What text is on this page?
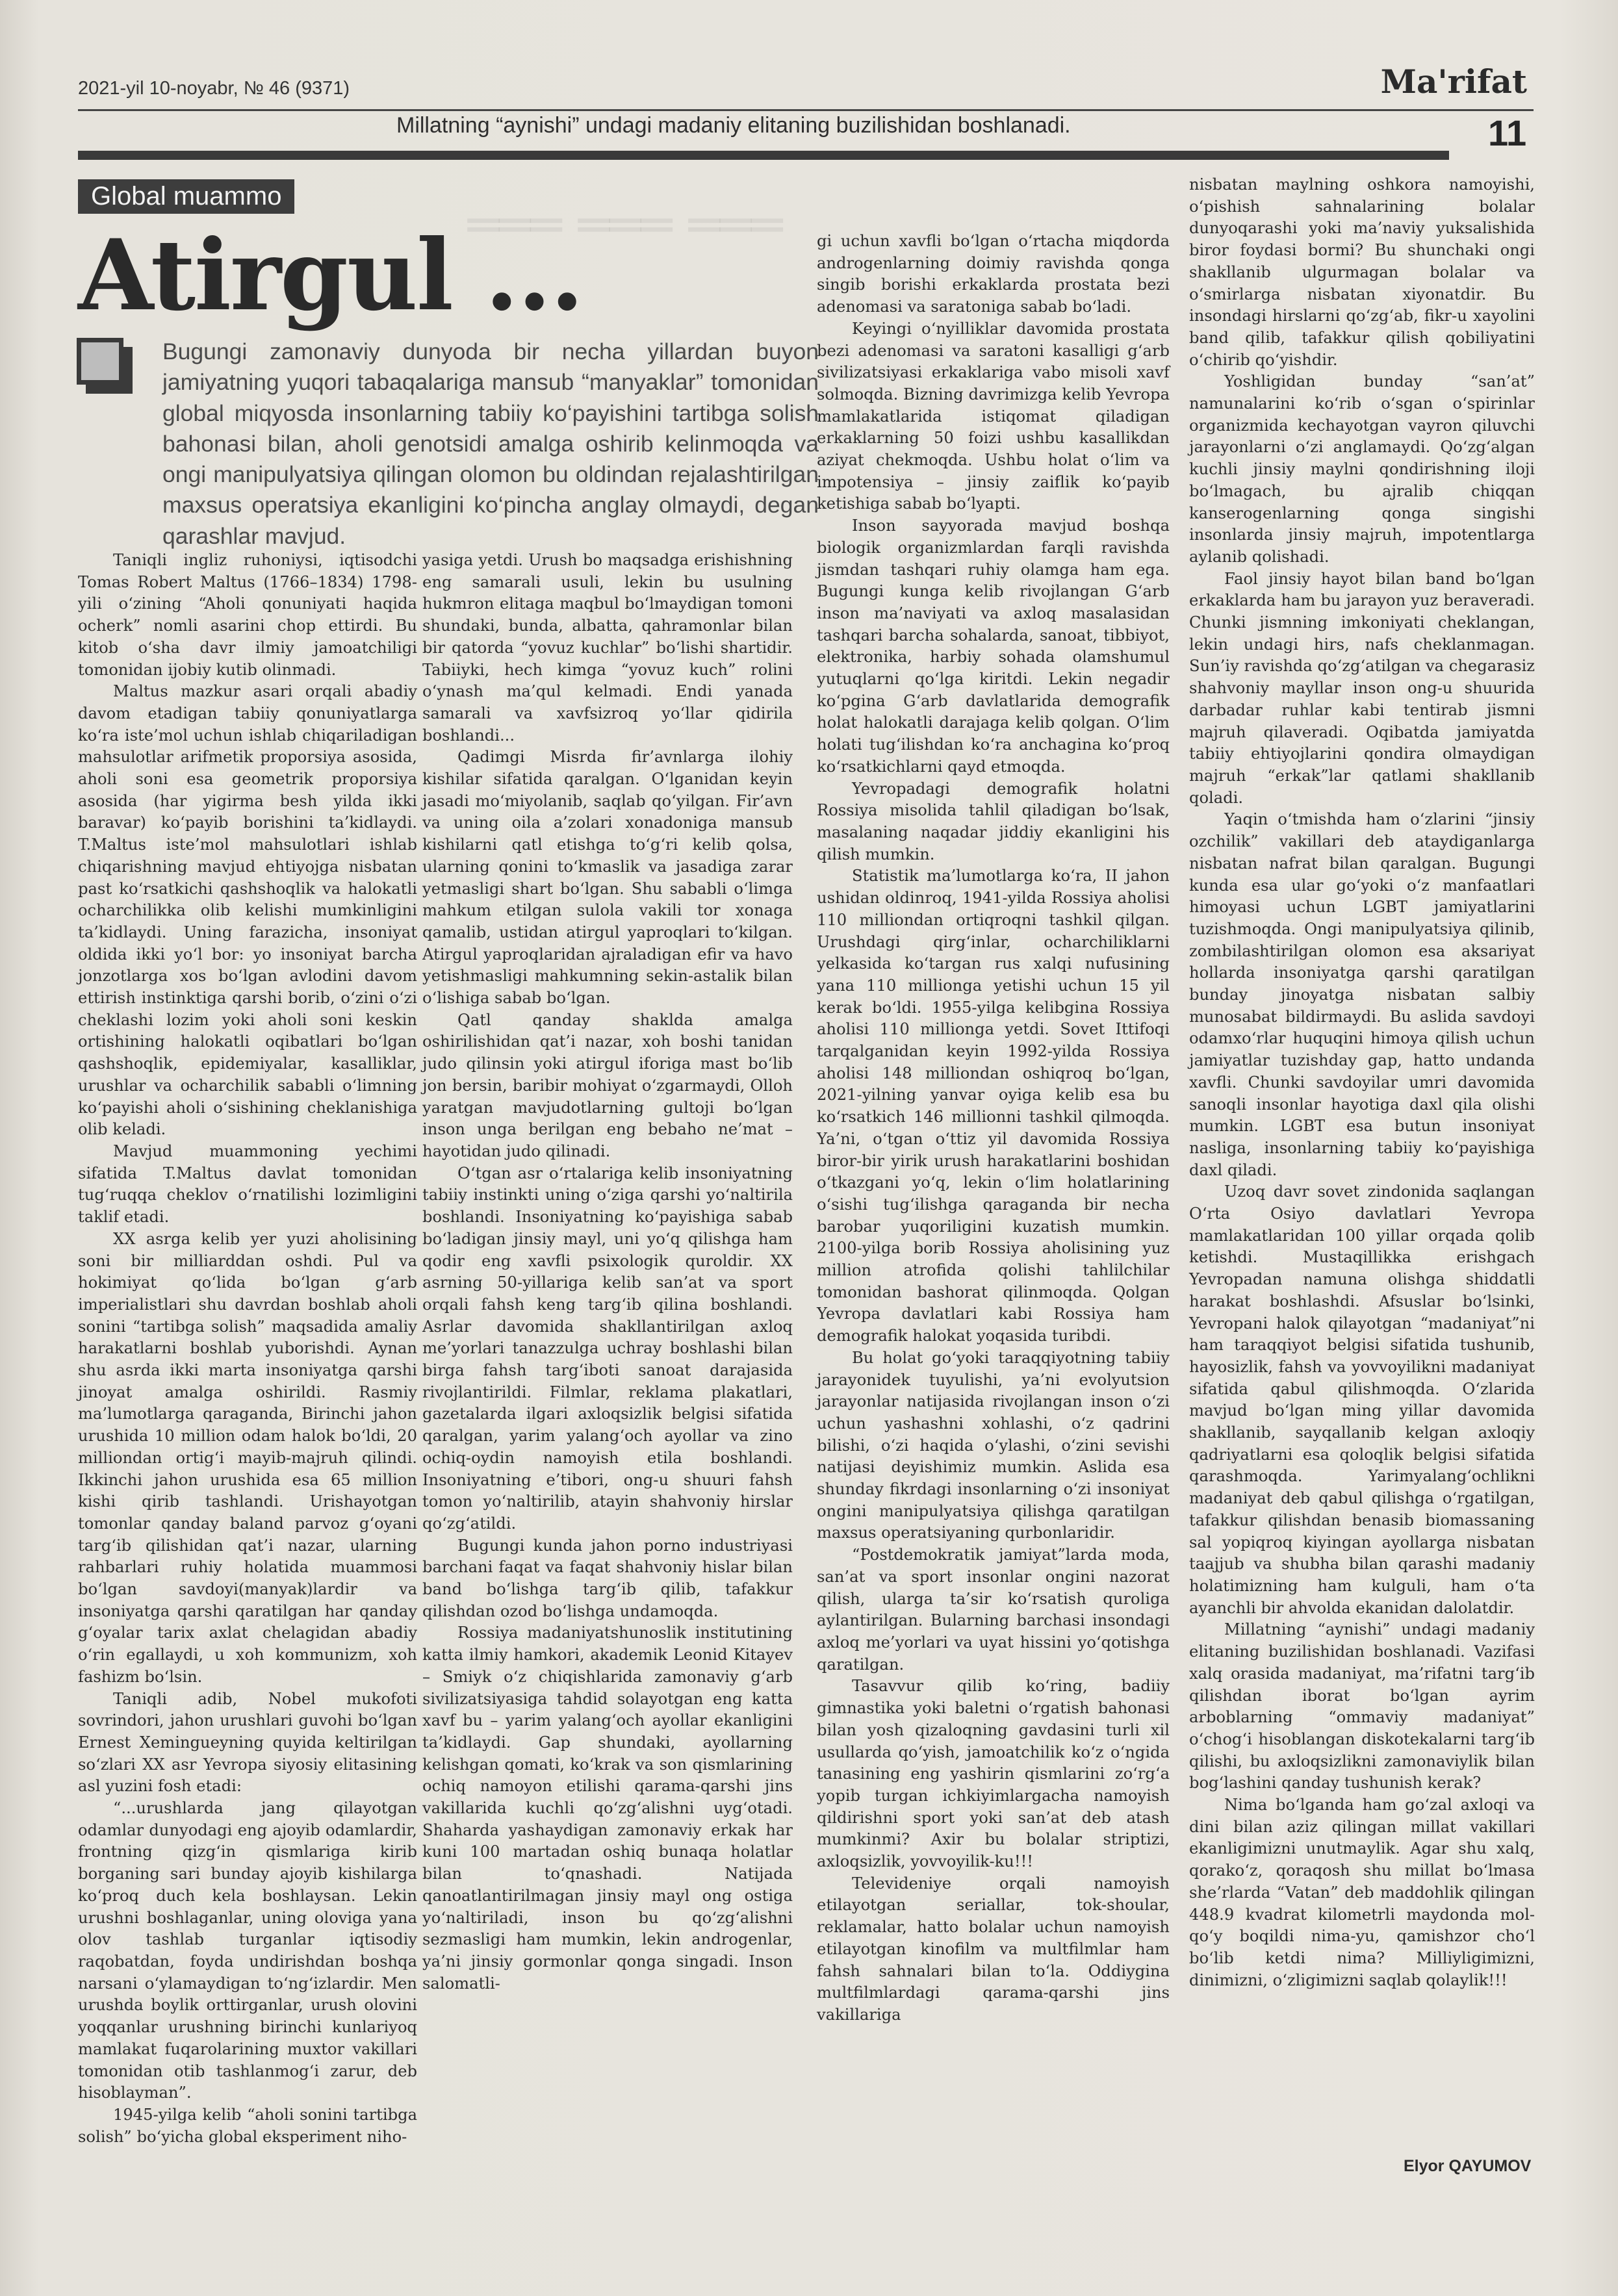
═══ ═══ ═══
2021-yil 10-noyabr, № 46 (9371)	Ma'rifat
Millatning “aynishi” undagi madaniy elitaning buzilishidan boshlanadi.	11
Global muammo
Atirgul ...
Bugungi zamonaviy dunyoda bir necha yillardan buyon jamiyatning yuqori tabaqalariga mansub “manyaklar” tomonidan global miqyosda insonlarning tabiiy ko‘payishini tartibga solish bahonasi bilan, aholi genotsidi amalga oshirib kelinmoqda va ongi manipulyatsiya qilingan olomon bu oldindan rejalashtirilgan maxsus operatsiya ekanligini ko‘pincha anglay olmaydi, degan qarashlar mavjud.

Taniqli ingliz ruhoniysi, iqtisodchi Tomas Robert Maltus (1766–1834) 1798-yili o‘zining “Aholi qonuniyati haqida ocherk” nomli asarini chop ettirdi. Bu kitob o‘sha davr ilmiy jamoatchiligi tomonidan ijobiy kutib olinmadi.

Maltus mazkur asari orqali abadiy davom etadigan tabiiy qonuniyatlarga ko‘ra iste’mol uchun ishlab chiqariladigan mahsulotlar arifmetik proporsiya asosida, aholi soni esa geometrik proporsiya asosida (har yigirma besh yilda ikki baravar) ko‘payib borishini ta’kidlaydi. T.Maltus iste’mol mahsulotlari ishlab chiqarishning mavjud ehtiyojga nisbatan past ko‘rsatkichi qashshoqlik va halokatli ocharchilikka olib kelishi mumkinligini ta’kidlaydi. Uning farazicha, insoniyat oldida ikki yo‘l bor: yo insoniyat barcha jonzotlarga xos bo‘lgan avlodini davom ettirish instinktiga qarshi borib, o‘zini o‘zi cheklashi lozim yoki aholi soni keskin ortishining halokatli oqibatlari bo‘lgan qashshoqlik, epidemiyalar, kasalliklar, urushlar va ocharchilik sababli o‘limning ko‘payishi aholi o‘sishining cheklanishiga olib keladi.

Mavjud muammoning yechimi sifatida T.Maltus davlat tomonidan tug‘ruqqa cheklov o‘rnatilishi lozimligini taklif etadi.

XX asrga kelib yer yuzi aholisining soni bir milliarddan oshdi. Pul va hokimiyat qo‘lida bo‘lgan g‘arb imperialistlari shu davrdan boshlab aholi sonini “tartibga solish” maqsadida amaliy harakatlarni boshlab yuborishdi. Aynan shu asrda ikki marta insoniyatga qarshi jinoyat amalga oshirildi. Rasmiy ma’lumotlarga qaraganda, Birinchi jahon urushida 10 million odam halok bo‘ldi, 20 milliondan ortig‘i mayib-majruh qilindi. Ikkinchi jahon urushida esa 65 million kishi qirib tashlandi. Urishayotgan tomonlar qanday baland parvoz g‘oyani targ‘ib qilishidan qat’i nazar, ularning rahbarlari ruhiy holatida muammosi bo‘lgan savdoyi(manyak)lardir va insoniyatga qarshi qaratilgan har qanday g‘oyalar tarix axlat chelagidan abadiy o‘rin egallaydi, u xoh kommunizm, xoh fashizm bo‘lsin.

Taniqli adib, Nobel mukofoti sovrindori, jahon urushlari guvohi bo‘lgan Ernest Xemingueyning quyida keltirilgan so‘zlari XX asr Yevropa siyosiy elitasining asl yuzini fosh etadi:

“...urushlarda jang qilayotgan odamlar dunyodagi eng ajoyib odamlardir, frontning qizg‘in qismlariga kirib borganing sari bunday ajoyib kishilarga ko‘proq duch kela boshlaysan. Lekin urushni boshlaganlar, uning oloviga yana olov tashlab turganlar iqtisodiy raqobatdan, foyda undirishdan boshqa narsani o‘ylamaydigan to‘ng‘izlardir. Men urushda boylik orttirganlar, urush olovini yoqqanlar urushning birinchi kunlariyoq mamlakat fuqarolarining muxtor vakillari tomonidan otib tashlanmog‘i zarur, deb hisoblayman”.

1945-yilga kelib “aholi sonini tartibga solish” bo‘yicha global eksperiment niho-

yasiga yetdi. Urush bo maqsadga erishishning eng samarali usuli, lekin bu usulning hukmron elitaga maqbul bo‘lmaydigan tomoni shundaki, bunda, albatta, qahramonlar bilan bir qatorda “yovuz kuchlar” bo‘lishi shartidir. Tabiiyki, hech kimga “yovuz kuch” rolini o‘ynash ma’qul kelmadi. Endi yanada samarali va xavfsizroq yo‘llar qidirila boshlandi...

Qadimgi Misrda fir’avnlarga ilohiy kishilar sifatida qaralgan. O‘lganidan keyin jasadi mo‘miyolanib, saqlab qo‘yilgan. Fir’avn va uning oila a’zolari xonadoniga mansub kishilarni qatl etishga to‘g‘ri kelib qolsa, ularning qonini to‘kmaslik va jasadiga zarar yetmasligi shart bo‘lgan. Shu sababli o‘limga mahkum etilgan sulola vakili tor xonaga qamalib, ustidan atirgul yaproqlari to‘kilgan. Atirgul yaproqlaridan ajraladigan efir va havo yetishmasligi mahkumning sekin-astalik bilan o‘lishiga sabab bo‘lgan.

Qatl qanday shaklda amalga oshirilishidan qat’i nazar, xoh boshi tanidan judo qilinsin yoki atirgul iforiga mast bo‘lib jon bersin, baribir mohiyat o‘zgarmaydi, Olloh yaratgan mavjudotlarning gultoji bo‘lgan inson unga berilgan eng bebaho ne’mat – hayotidan judo qilinadi.

O‘tgan asr o‘rtalariga kelib insoniyatning tabiiy instinkti uning o‘ziga qarshi yo‘naltirila boshlandi. Insoniyatning ko‘payishiga sabab bo‘ladigan jinsiy mayl, uni yo‘q qilishga ham qodir eng xavfli psixologik quroldir. XX asrning 50-yillariga kelib san’at va sport orqali fahsh keng targ‘ib qilina boshlandi. Asrlar davomida shakllantirilgan axloq me’yorlari tanazzulga uchray boshlashi bilan birga fahsh targ‘iboti sanoat darajasida rivojlantirildi. Filmlar, reklama plakatlari, gazetalarda ilgari axloqsizlik belgisi sifatida qaralgan, yarim yalang‘och ayollar va zino ochiq-oydin namoyish etila boshlandi. Insoniyatning e’tibori, ong-u shuuri fahsh tomon yo‘naltirilib, atayin shahvoniy hirslar qo‘zg‘atildi.

Bugungi kunda jahon porno industriyasi barchani faqat va faqat shahvoniy hislar bilan band bo‘lishga targ‘ib qilib, tafakkur qilishdan ozod bo‘lishga undamoqda.

Rossiya madaniyatshunoslik institutining katta ilmiy hamkori, akademik Leonid Kitayev – Smiyk o‘z chiqishlarida zamonaviy g‘arb sivilizatsiyasiga tahdid solayotgan eng katta xavf bu – yarim yalang‘och ayollar ekanligini ta’kidlaydi. Gap shundaki, ayollarning kelishgan qomati, ko‘krak va son qismlarining ochiq namoyon etilishi qarama-qarshi jins vakillarida kuchli qo‘zg‘alishni uyg‘otadi. Shaharda yashaydigan zamonaviy erkak har kuni 100 martadan oshiq bunaqa holatlar bilan to‘qnashadi. Natijada qanoatlantirilmagan jinsiy mayl ong ostiga yo‘naltiriladi, inson bu qo‘zg‘alishni sezmasligi ham mumkin, lekin androgenlar, ya’ni jinsiy gormonlar qonga singadi. Inson salomatli-

gi uchun xavfli bo‘lgan o‘rtacha miqdorda androgenlarning doimiy ravishda qonga singib borishi erkaklarda prostata bezi adenomasi va saratoniga sabab bo‘ladi.

Keyingi o‘nyilliklar davomida prostata bezi adenomasi va saratoni kasalligi g‘arb sivilizatsiyasi erkaklariga vabo misoli xavf solmoqda. Bizning davrimizga kelib Yevropa mamlakatlarida istiqomat qiladigan erkaklarning 50 foizi ushbu kasallikdan aziyat chekmoqda. Ushbu holat o‘lim va impotensiya – jinsiy zaiflik ko‘payib ketishiga sabab bo‘lyapti.

Inson sayyorada mavjud boshqa biologik organizmlardan farqli ravishda jismdan tashqari ruhiy olamga ham ega. Bugungi kunga kelib rivojlangan G‘arb inson ma’naviyati va axloq masalasidan tashqari barcha sohalarda, sanoat, tibbiyot, elektronika, harbiy sohada olamshumul yutuqlarni qo‘lga kiritdi. Lekin negadir ko‘pgina G‘arb davlatlarida demografik holat halokatli darajaga kelib qolgan. O‘lim holati tug‘ilishdan ko‘ra anchagina ko‘proq ko‘rsatkichlarni qayd etmoqda.

Yevropadagi demografik holatni Rossiya misolida tahlil qiladigan bo‘lsak, masalaning naqadar jiddiy ekanligini his qilish mumkin.

Statistik ma’lumotlarga ko‘ra, II jahon ushidan oldinroq, 1941-yilda Rossiya aholisi 110 milliondan ortiqroqni tashkil qilgan. Urushdagi qirg‘inlar, ocharchiliklarni yelkasida ko‘targan rus xalqi nufusining yana 110 millionga yetishi uchun 15 yil kerak bo‘ldi. 1955-yilga kelibgina Rossiya aholisi 110 millionga yetdi. Sovet Ittifoqi tarqalganidan keyin 1992-yilda Rossiya aholisi 148 milliondan oshiqroq bo‘lgan, 2021-yilning yanvar oyiga kelib esa bu ko‘rsatkich 146 millionni tashkil qilmoqda. Ya’ni, o‘tgan o‘ttiz yil davomida Rossiya biror-bir yirik urush harakatlarini boshidan o‘tkazgani yo‘q, lekin o‘lim holatlarining o‘sishi tug‘ilishga qaraganda bir necha barobar yuqoriligini kuzatish mumkin. 2100-yilga borib Rossiya aholisining yuz million atrofida qolishi tahlilchilar tomonidan bashorat qilinmoqda. Qolgan Yevropa davlatlari kabi Rossiya ham demografik halokat yoqasida turibdi.

Bu holat go‘yoki taraqqiyotning tabiiy jarayonidek tuyulishi, ya’ni evolyutsion jarayonlar natijasida rivojlangan inson o‘zi uchun yashashni xohlashi, o‘z qadrini bilishi, o‘zi haqida o‘ylashi, o‘zini sevishi natijasi deyishimiz mumkin. Aslida esa shunday fikrdagi insonlarning o‘zi insoniyat ongini manipulyatsiya qilishga qaratilgan maxsus operatsiyaning qurbonlaridir.

“Postdemokratik jamiyat”larda moda, san’at va sport insonlar ongini nazorat qilish, ularga ta’sir ko‘rsatish quroliga aylantirilgan. Bularning barchasi insondagi axloq me’yorlari va uyat hissini yo‘qotishga qaratilgan.

Tasavvur qilib ko‘ring, badiiy gimnastika yoki baletni o‘rgatish bahonasi bilan yosh qizaloqning gavdasini turli xil usullarda qo‘yish, jamoatchilik ko‘z o‘ngida tanasining eng yashirin qismlarini zo‘rg‘a yopib turgan ichkiyimlargacha namoyish qildirishni sport yoki san’at deb atash mumkinmi? Axir bu bolalar striptizi, axloqsizlik, yovvoyilik-ku!!!

Televideniye orqali namoyish etilayotgan seriallar, tok-shoular, reklamalar, hatto bolalar uchun namoyish etilayotgan kinofilm va multfilmlar ham fahsh sahnalari bilan to‘la. Oddiygina multfilmlardagi qarama-qarshi jins vakillariga

nisbatan maylning oshkora namoyishi, o‘pishish sahnalarining bolalar dunyoqarashi yoki ma’naviy yuksalishida biror foydasi bormi? Bu shunchaki ongi shakllanib ulgurmagan bolalar va o‘smirlarga nisbatan xiyonatdir. Bu insondagi hirslarni qo‘zg‘ab, fikr-u xayolini band qilib, tafakkur qilish qobiliyatini o‘chirib qo‘yishdir.

Yoshligidan bunday “san’at” namunalarini ko‘rib o‘sgan o‘spirinlar organizmida kechayotgan vayron qiluvchi jarayonlarni o‘zi anglamaydi. Qo‘zg‘algan kuchli jinsiy maylni qondirishning iloji bo‘lmagach, bu ajralib chiqqan kanserogenlarning qonga singishi insonlarda jinsiy majruh, impotentlarga aylanib qolishadi.

Faol jinsiy hayot bilan band bo‘lgan erkaklarda ham bu jarayon yuz beraveradi. Chunki jismning imkoniyati cheklangan, lekin undagi hirs, nafs cheklanmagan. Sun’iy ravishda qo‘zg‘atilgan va chegarasiz shahvoniy mayllar inson ong-u shuurida darbadar ruhlar kabi tentirab jismni majruh qilaveradi. Oqibatda jamiyatda tabiiy ehtiyojlarini qondira olmaydigan majruh “erkak”lar qatlami shakllanib qoladi.

Yaqin o‘tmishda ham o‘zlarini “jinsiy ozchilik” vakillari deb ataydiganlarga nisbatan nafrat bilan qaralgan. Bugungi kunda esa ular go‘yoki o‘z manfaatlari himoyasi uchun LGBT jamiyatlarini tuzishmoqda. Ongi manipulyatsiya qilinib, zombilashtirilgan olomon esa aksariyat hollarda insoniyatga qarshi qaratilgan bunday jinoyatga nisbatan salbiy munosabat bildirmaydi. Bu aslida savdoyi odamxo‘rlar huquqini himoya qilish uchun jamiyatlar tuzishday gap, hatto undanda xavfli. Chunki savdoyilar umri davomida sanoqli insonlar hayotiga daxl qila olishi mumkin. LGBT esa butun insoniyat nasliga, insonlarning tabiiy ko‘payishiga daxl qiladi.

Uzoq davr sovet zindonida saqlangan O‘rta Osiyo davlatlari Yevropa mamlakatlaridan 100 yillar orqada qolib ketishdi. Mustaqillikka erishgach Yevropadan namuna olishga shiddatli harakat boshlashdi. Afsuslar bo‘lsinki, Yevropani halok qilayotgan “madaniyat”ni ham taraqqiyot belgisi sifatida tushunib, hayosizlik, fahsh va yovvoyilikni madaniyat sifatida qabul qilishmoqda. O‘zlarida mavjud bo‘lgan ming yillar davomida shakllanib, sayqallanib kelgan axloqiy qadriyatlarni esa qoloqlik belgisi sifatida qarashmoqda. Yarimyalang‘ochlikni madaniyat deb qabul qilishga o‘rgatilgan, tafakkur qilishdan benasib biomassaning sal yopiqroq kiyingan ayollarga nisbatan taajjub va shubha bilan qarashi madaniy holatimizning ham kulguli, ham o‘ta ayanchli bir ahvolda ekanidan dalolatdir.

Millatning “aynishi” undagi madaniy elitaning buzilishidan boshlanadi. Vazifasi xalq orasida madaniyat, ma’rifatni targ‘ib qilishdan iborat bo‘lgan ayrim arboblarning “ommaviy madaniyat” o‘chog‘i hisoblangan diskotekalarni targ‘ib qilishi, bu axloqsizlikni zamonaviylik bilan bog‘lashini qanday tushunish kerak?

Nima bo‘lganda ham go‘zal axloqi va dini bilan aziz qilingan millat vakillari ekanligimizni unutmaylik. Agar shu xalq, qorako‘z, qoraqosh shu millat bo‘lmasa she’rlarda “Vatan” deb maddohlik qilingan 448.9 kvadrat kilometrli maydonda mol-qo‘y boqildi nima-yu, qamishzor cho‘l bo‘lib ketdi nima? Milliyligimizni, dinimizni, o‘zligimizni saqlab qolaylik!!!

Elyor QAYUMOV
